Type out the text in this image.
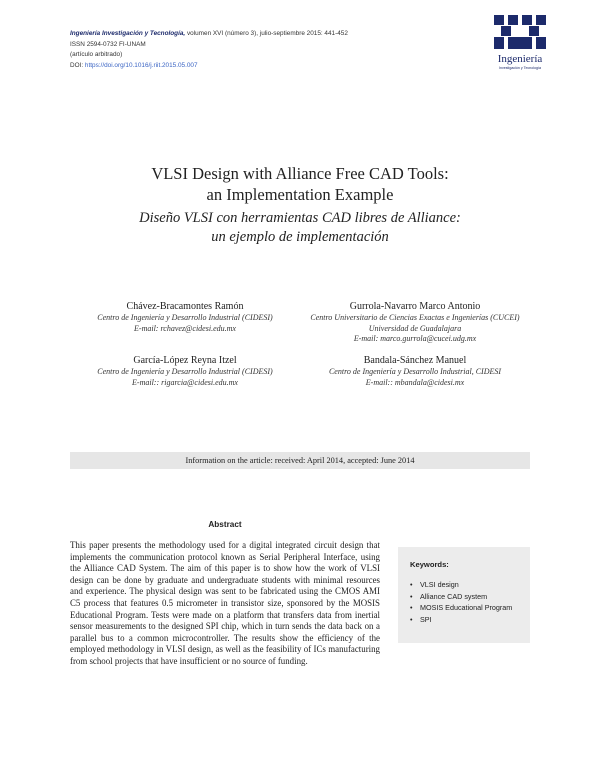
Ingeniería Investigación y Tecnología, volumen XVI (número 3), julio-septiembre 2015: 441-452
ISSN 2594-0732 FI-UNAM
(artículo arbitrado)
DOI: https://doi.org/10.1016/j.riit.2015.05.007	Ingeniería
Investigación y Tecnología
VLSI Design with Alliance Free CAD Tools:
an Implementation Example
Diseño VLSI con herramientas CAD libres de Alliance:
un ejemplo de implementación
Chávez-Bracamontes Ramón
Centro de Ingeniería y Desarrollo Industrial (CIDESI)
E-mail: rchavez@cidesi.edu.mx
Gurrola-Navarro Marco Antonio
Centro Universitario de Ciencias Exactas e Ingenierías (CUCEI)
Universidad de Guadalajara
E-mail: marco.gurrola@cucei.udg.mx
García-López Reyna Itzel
Centro de Ingeniería y Desarrollo Industrial (CIDESI)
E-mail:: rigarcia@cidesi.edu.mx
Bandala-Sánchez Manuel
Centro de Ingeniería y Desarrollo Industrial, CIDESI
E-mail:: mbandala@cidesi.mx
Information on the article: received: April 2014, accepted: June 2014
Abstract
This paper presents the methodology used for a digital integrated circuit design that implements the communication protocol known as Serial Peripheral Interface, using the Alliance CAD System. The aim of this paper is to show how the work of VLSI design can be done by graduate and undergraduate students with minimal resources and experience. The physical design was sent to be fabricated using the CMOS AMI C5 process that features 0.5 micrometer in transistor size, sponsored by the MOSIS Educational Program. Tests were made on a platform that transfers data from inertial sensor measurements to the designed SPI chip, which in turn sends the data back on a parallel bus to a common microcontroller. The results show the efficiency of the employed methodology in VLSI design, as well as the feasibility of ICs manufacturing from school projects that have insufficient or no source of funding.
Keywords:
• VLSI design
• Alliance CAD system
• MOSIS Educational Program
• SPI
